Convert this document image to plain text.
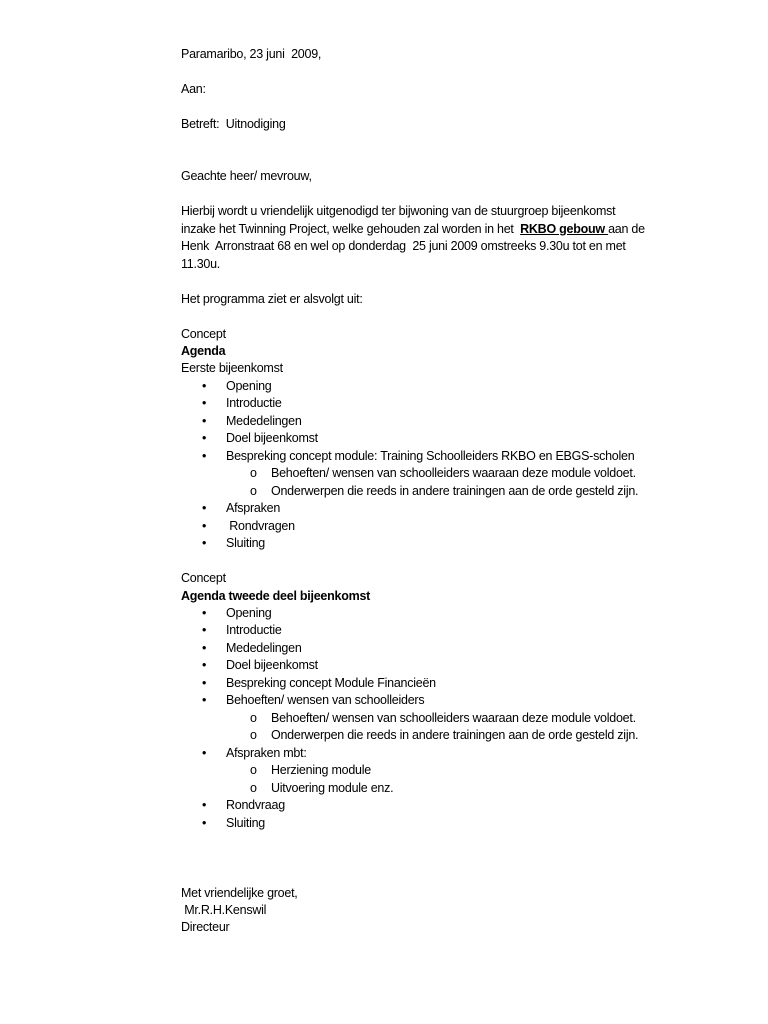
Paramaribo, 23 juni  2009,
Aan:
Betreft:  Uitnodiging
Geachte heer/ mevrouw,
Hierbij wordt u vriendelijk uitgenodigd ter bijwoning van de stuurgroep bijeenkomst
inzake het Twinning Project, welke gehouden zal worden in het  RKBO gebouw aan de
Henk  Arronstraat 68 en wel op donderdag  25 juni 2009 omstreeks 9.30u tot en met
11.30u.
Het programma ziet er alsvolgt uit:
Concept
Agenda
Eerste bijeenkomst
• Opening
• Introductie
• Mededelingen
• Doel bijeenkomst
• Bespreking concept module: Training Schoolleiders RKBO en EBGS-scholen
o Behoeften/ wensen van schoolleiders waaraan deze module voldoet.
o Onderwerpen die reeds in andere trainingen aan de orde gesteld zijn.
• Afspraken
• Rondvragen
• Sluiting
Concept
Agenda tweede deel bijeenkomst
• Opening
• Introductie
• Mededelingen
• Doel bijeenkomst
• Bespreking concept Module Financieën
• Behoeften/ wensen van schoolleiders
o Behoeften/ wensen van schoolleiders waaraan deze module voldoet.
o Onderwerpen die reeds in andere trainingen aan de orde gesteld zijn.
• Afspraken mbt:
o Herziening module
o Uitvoering module enz.
• Rondvraag
• Sluiting
Met vriendelijke groet,
Mr.R.H.Kenswil
Directeur
